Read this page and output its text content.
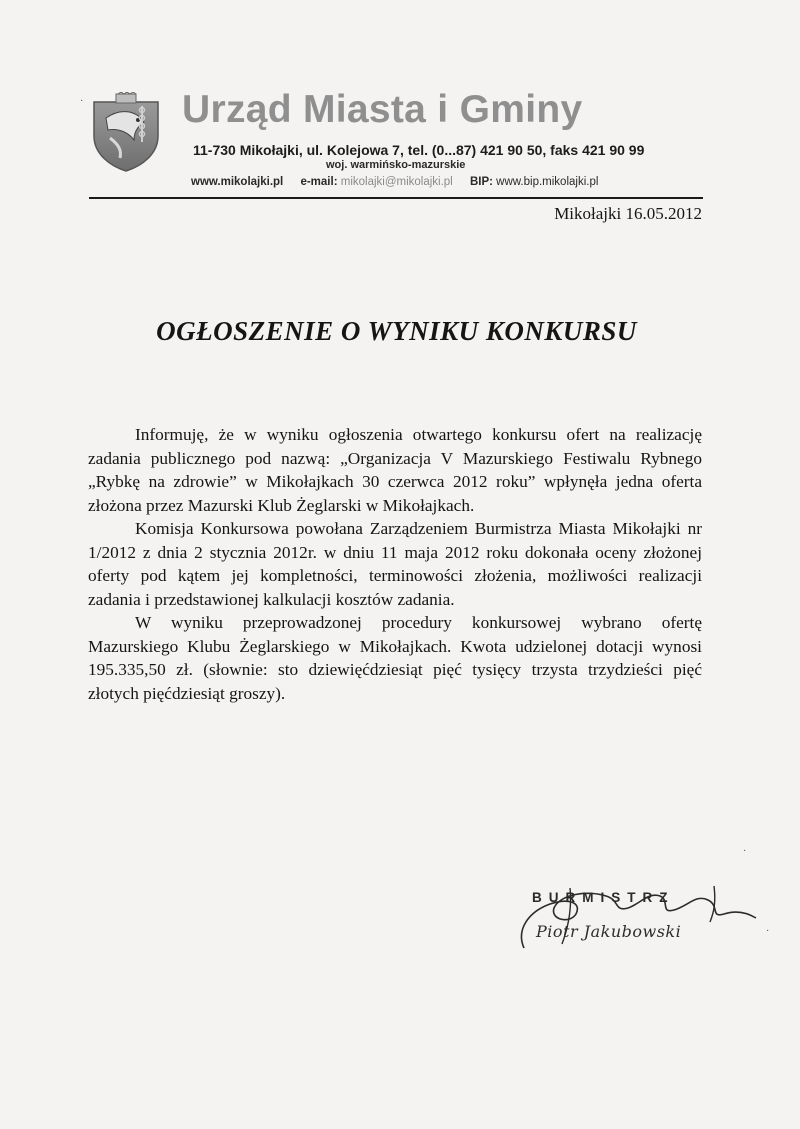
Urząd Miasta i Gminy
11-730 Mikołajki, ul. Kolejowa 7, tel. (0...87) 421 90 50, faks 421 90 99
woj. warmińsko-mazurskie
www.mikolajki.pl e-mail: mikolajki@mikolajki.pl BIP: www.bip.mikolajki.pl
Mikołajki 16.05.2012
OGŁOSZENIE O WYNIKU KONKURSU

Informuję, że w wyniku ogłoszenia otwartego konkursu ofert na realizację zadania publicznego pod nazwą: „Organizacja V Mazurskiego Festiwalu Rybnego „Rybkę na zdrowie” w Mikołajkach 30 czerwca 2012 roku” wpłynęła jedna oferta złożona przez Mazurski Klub Żeglarski w Mikołajkach.

Komisja Konkursowa powołana Zarządzeniem Burmistrza Miasta Mikołajki nr 1/2012 z dnia 2 stycznia 2012r. w dniu 11 maja 2012 roku dokonała oceny złożonej oferty pod kątem jej kompletności, terminowości złożenia, możliwości realizacji zadania i przedstawionej kalkulacji kosztów zadania.

W wyniku przeprowadzonej procedury konkursowej wybrano ofertę Mazurskiego Klubu Żeglarskiego w Mikołajkach. Kwota udzielonej dotacji wynosi 195.335,50 zł. (słownie: sto dziewięćdziesiąt pięć tysięcy trzysta trzydzieści pięć złotych pięćdziesiąt groszy).

BURMISTRZ
Piotr Jakubowski
·
·
·
